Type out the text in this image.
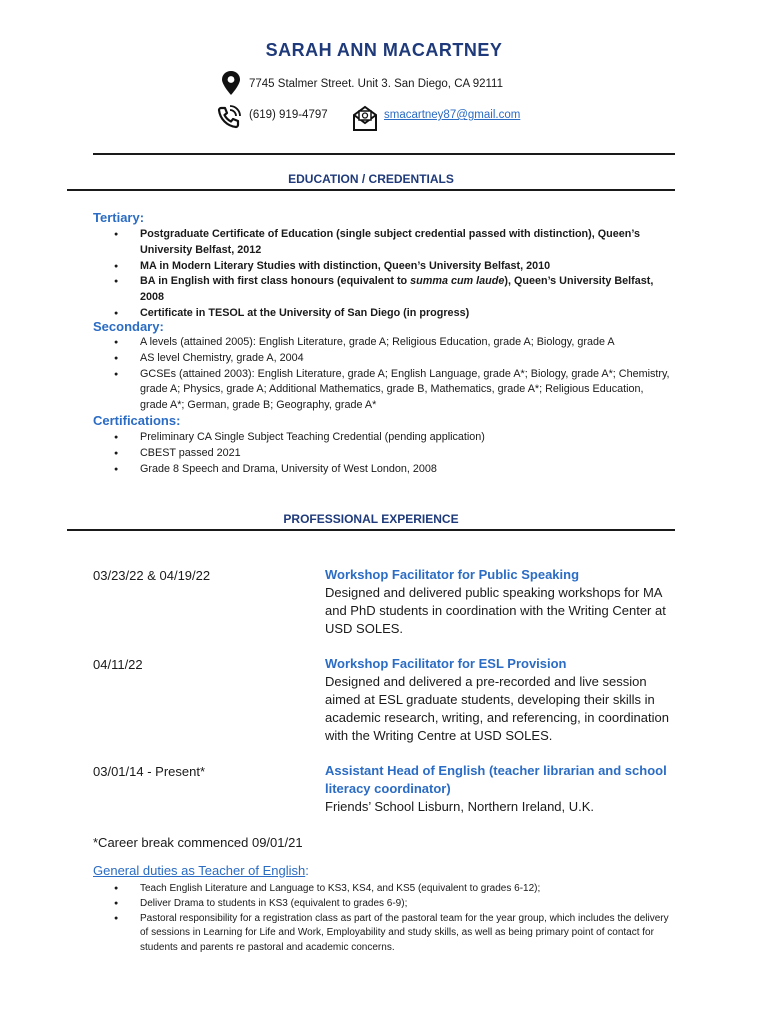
SARAH ANN MACARTNEY
7745 Stalmer Street. Unit 3. San Diego, CA 92111
(619) 919-4797	smacartney87@gmail.com
EDUCATION / CREDENTIALS
Tertiary:
● Postgraduate Certificate of Education (single subject credential passed with distinction), Queen’s University Belfast, 2012
● MA in Modern Literary Studies with distinction, Queen’s University Belfast, 2010
● BA in English with first class honours (equivalent to summa cum laude), Queen’s University Belfast, 2008
● Certificate in TESOL at the University of San Diego (in progress)
Secondary:
● A levels (attained 2005): English Literature, grade A; Religious Education, grade A; Biology, grade A
● AS level Chemistry, grade A, 2004
● GCSEs (attained 2003): English Literature, grade A; English Language, grade A*; Biology, grade A*; Chemistry, grade A; Physics, grade A; Additional Mathematics, grade B, Mathematics, grade A*; Religious Education, grade A*; German, grade B; Geography, grade A*
Certifications:
● Preliminary CA Single Subject Teaching Credential (pending application)
● CBEST passed 2021
● Grade 8 Speech and Drama, University of West London, 2008
PROFESSIONAL EXPERIENCE
03/23/22 & 04/19/22	Workshop Facilitator for Public Speaking
Designed and delivered public speaking workshops for MA and PhD students in coordination with the Writing Center at USD SOLES.
04/11/22	Workshop Facilitator for ESL Provision
Designed and delivered a pre-recorded and live session aimed at ESL graduate students, developing their skills in academic research, writing, and referencing, in coordination with the Writing Centre at USD SOLES.
03/01/14 - Present*	Assistant Head of English (teacher librarian and school literacy coordinator)
Friends’ School Lisburn, Northern Ireland, U.K.
*Career break commenced 09/01/21
General duties as Teacher of English:
● Teach English Literature and Language to KS3, KS4, and KS5 (equivalent to grades 6-12);
● Deliver Drama to students in KS3 (equivalent to grades 6-9);
● Pastoral responsibility for a registration class as part of the pastoral team for the year group, which includes the delivery of sessions in Learning for Life and Work, Employability and study skills, as well as being primary point of contact for students and parents re pastoral and academic concerns.
